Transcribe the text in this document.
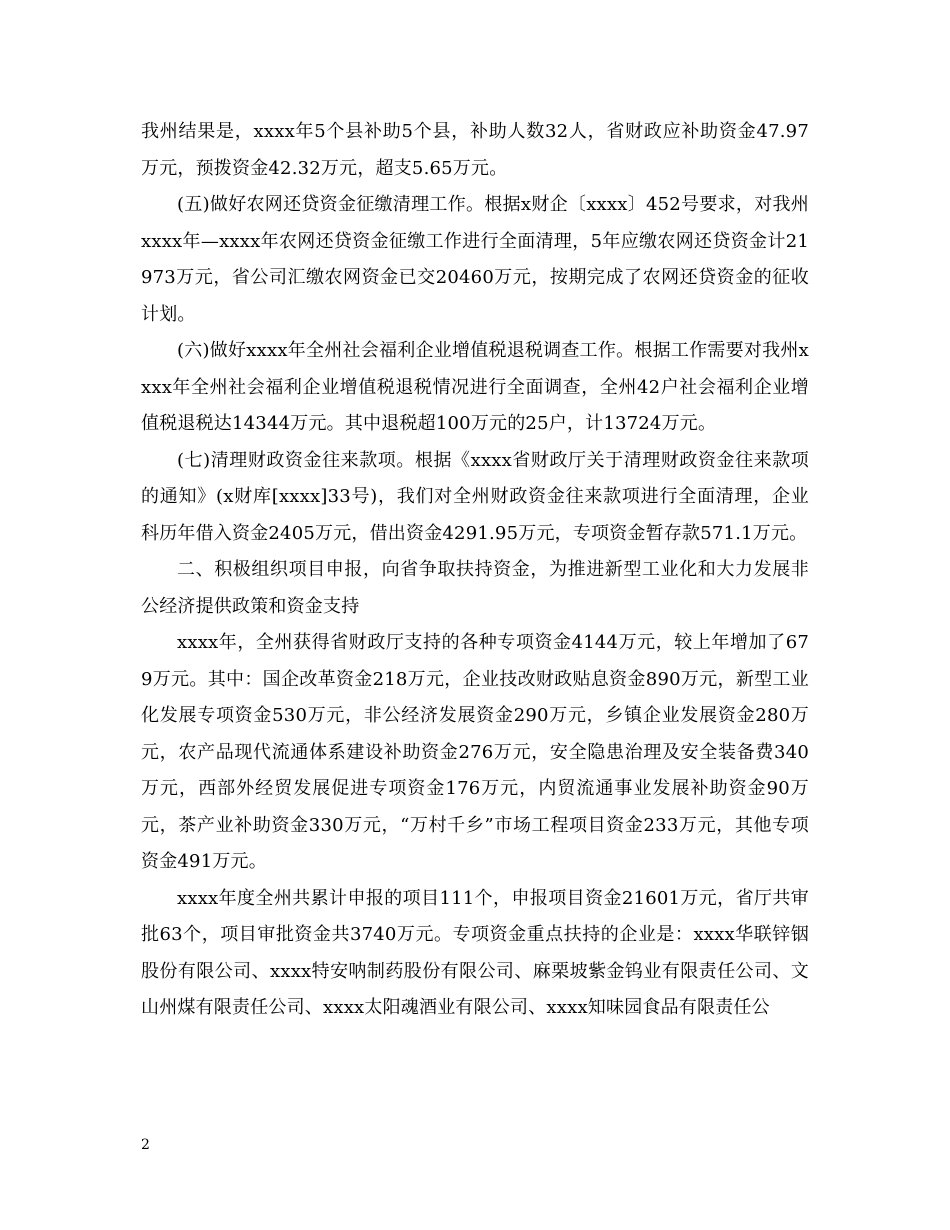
我州结果是，xxxx年5个县补助5个县，补助人数32人，省财政应补助资金47.97万元，预拨资金42.32万元，超支5.65万元。

(五)做好农网还贷资金征缴清理工作。根据x财企〔xxxx〕452号要求，对我州xxxx年—xxxx年农网还贷资金征缴工作进行全面清理，5年应缴农网还贷资金计21973万元，省公司汇缴农网资金已交20460万元，按期完成了农网还贷资金的征收计划。

(六)做好xxxx年全州社会福利企业增值税退税调查工作。根据工作需要对我州xxxx年全州社会福利企业增值税退税情况进行全面调查，全州42户社会福利企业增值税退税达14344万元。其中退税超100万元的25户，计13724万元。

(七)清理财政资金往来款项。根据《xxxx省财政厅关于清理财政资金往来款项的通知》(x财库[xxxx]33号)，我们对全州财政资金往来款项进行全面清理，企业科历年借入资金2405万元，借出资金4291.95万元，专项资金暂存款571.1万元。

二、积极组织项目申报，向省争取扶持资金，为推进新型工业化和大力发展非公经济提供政策和资金支持

xxxx年，全州获得省财政厅支持的各种专项资金4144万元，较上年增加了679万元。其中：国企改革资金218万元，企业技改财政贴息资金890万元，新型工业化发展专项资金530万元，非公经济发展资金290万元，乡镇企业发展资金280万元，农产品现代流通体系建设补助资金276万元，安全隐患治理及安全装备费340万元，西部外经贸发展促进专项资金176万元，内贸流通事业发展补助资金90万元，茶产业补助资金330万元，“万村千乡”市场工程项目资金233万元，其他专项资金491万元。

xxxx年度全州共累计申报的项目111个，申报项目资金21601万元，省厅共审批63个，项目审批资金共3740万元。专项资金重点扶持的企业是：xxxx华联锌铟股份有限公司、xxxx特安呐制药股份有限公司、麻栗坡紫金钨业有限责任公司、文山州煤有限责任公司、xxxx太阳魂酒业有限公司、xxxx知味园食品有限责任公

2
